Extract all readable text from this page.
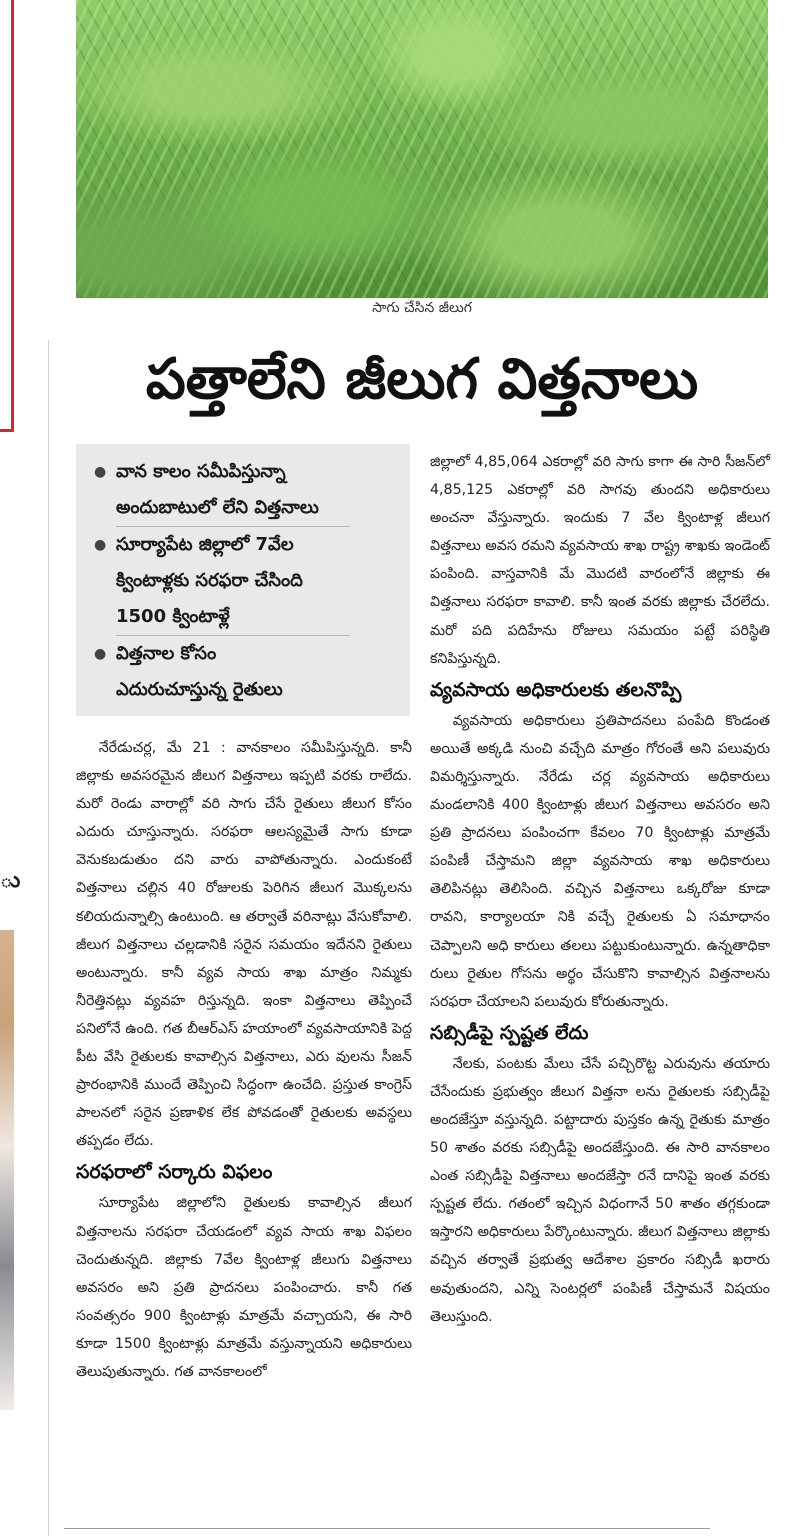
ు
సాగు చేసిన జీలుగ
పత్తాలేని జీలుగ విత్తనాలు
● వాన కాలం సమీపిస్తున్నా
అందుబాటులో లేని విత్తనాలు
● సూర్యాపేట జిల్లాలో 7వేల
క్వింటాళ్లకు సరఫరా చేసింది
1500 క్వింటాళ్లే
● విత్తనాల కోసం
ఎదురుచూస్తున్న రైతులు

నేరేడుచర్ల, మే 21 : వానకాలం సమీపిస్తున్నది. కానీ జిల్లాకు అవసరమైన జీలుగ విత్తనాలు ఇప్పటి వరకు రాలేదు. మరో రెండు వారాల్లో వరి సాగు చేసే రైతులు జీలుగ కోసం ఎదురు చూస్తున్నారు. సరఫరా ఆలస్యమైతే సాగు కూడా వెనుకబడుతుం దని వారు వాపోతున్నారు. ఎందుకంటే విత్తనాలు చల్లిన 40 రోజులకు పెరిగిన జీలుగ మొక్కలను కలియదున్నాల్సి ఉంటుంది. ఆ తర్వాతే వరినాట్లు వేసుకోవాలి. జీలుగ విత్తనాలు చల్లడానికి సరైన సమయం ఇదేనని రైతులు అంటున్నారు. కానీ వ్యవ సాయ శాఖ మాత్రం నిమ్మకు నీరెత్తినట్లు వ్యవహ రిస్తున్నది. ఇంకా విత్తనాలు తెప్పించే పనిలోనే ఉంది. గత బీఆర్ఎస్ హయాంలో వ్యవసాయానికి పెద్ద పీట వేసి రైతులకు కావాల్సిన విత్తనాలు, ఎరు వులను సీజన్ ప్రారంభానికి ముందే తెప్పించి సిద్ధంగా ఉంచేది. ప్రస్తుత కాంగ్రెస్ పాలనలో సరైన ప్రణాళిక లేక పోవడంతో రైతులకు అవస్థలు తప్పడం లేదు.

సరఫరాలో సర్కారు విఫలం

సూర్యాపేట జిల్లాలోని రైతులకు కావాల్సిన జీలుగ విత్తనాలను సరఫరా చేయడంలో వ్యవ సాయ శాఖ విఫలం చెందుతున్నది. జిల్లాకు 7వేల క్వింటాళ్ల జీలుగు విత్తనాలు అవసరం అని ప్రతి ప్రాదనలు పంపించారు. కానీ గత సంవత్సరం 900 క్వింటాళ్లు మాత్రమే వచ్చాయని, ఈ సారి కూడా 1500 క్వింటాళ్లు మాత్రమే వస్తున్నాయని అధికారులు తెలుపుతున్నారు. గత వానకాలంలో

జిల్లాలో 4,85,064 ఎకరాల్లో వరి సాగు కాగా ఈ సారి సీజన్‌లో 4,85,125 ఎకరాల్లో వరి సాగవు తుందని అధికారులు అంచనా వేస్తున్నారు. ఇందుకు 7 వేల క్వింటాళ్ల జీలుగ విత్తనాలు అవస రమని వ్యవసాయ శాఖ రాష్ట్ర శాఖకు ఇండెంట్ పంపింది. వాస్తవానికి మే మొదటి వారంలోనే జిల్లాకు ఈ విత్తనాలు సరఫరా కావాలి. కానీ ఇంత వరకు జిల్లాకు చేరలేదు. మరో పది పదిహేను రోజులు సమయం పట్టే పరిస్థితి కనిపిస్తున్నది.

వ్యవసాయ అధికారులకు తలనొప్పి

వ్యవసాయ అధికారులు ప్రతిపాదనలు పంపేది కొండంత అయితే అక్కడి నుంచి వచ్చేది మాత్రం గోరంతే అని పలువురు విమర్శిస్తున్నారు. నేరేడు చర్ల వ్యవసాయ అధికారులు మండలానికి 400 క్వింటాళ్లు జీలుగ విత్తనాలు అవసరం అని ప్రతి ప్రాదనలు పంపించగా కేవలం 70 క్వింటాళ్లు మాత్రమే పంపిణీ చేస్తామని జిల్లా వ్యవసాయ శాఖ అధికారులు తెలిపినట్లు తెలిసింది. వచ్చిన విత్తనాలు ఒక్కరోజు కూడా రావని, కార్యాలయా నికి వచ్చే రైతులకు ఏ సమాధానం చెప్పాలని అధి కారులు తలలు పట్టుకుంటున్నారు. ఉన్నతాధికా రులు రైతుల గోసను అర్థం చేసుకొని కావాల్సిన విత్తనాలను సరఫరా చేయాలని పలువురు కోరుతున్నారు.

సబ్సిడీపై స్పష్టత లేదు

నేలకు, పంటకు మేలు చేసే పచ్చిరొట్ట ఎరువును తయారు చేసేందుకు ప్రభుత్వం జీలుగ విత్తనా లను రైతులకు సబ్సిడీపై అందజేస్తూ వస్తున్నది. పట్టాదారు పుస్తకం ఉన్న రైతుకు మాత్రం 50 శాతం వరకు సబ్సిడీపై అందజేస్తుంది. ఈ సారి వానకాలం ఎంత సబ్సిడీపై విత్తనాలు అందజేస్తా రనే దానిపై ఇంత వరకు స్పష్టత లేదు. గతంలో ఇచ్చిన విధంగానే 50 శాతం తగ్గకుండా ఇస్తారని అధికారులు పేర్కొంటున్నారు. జీలుగ విత్తనాలు జిల్లాకు వచ్చిన తర్వాతే ప్రభుత్వ ఆదేశాల ప్రకారం సబ్సిడీ ఖరారు అవుతుందని, ఎన్ని సెంటర్లలో పంపిణీ చేస్తామనే విషయం తెలుస్తుంది.
